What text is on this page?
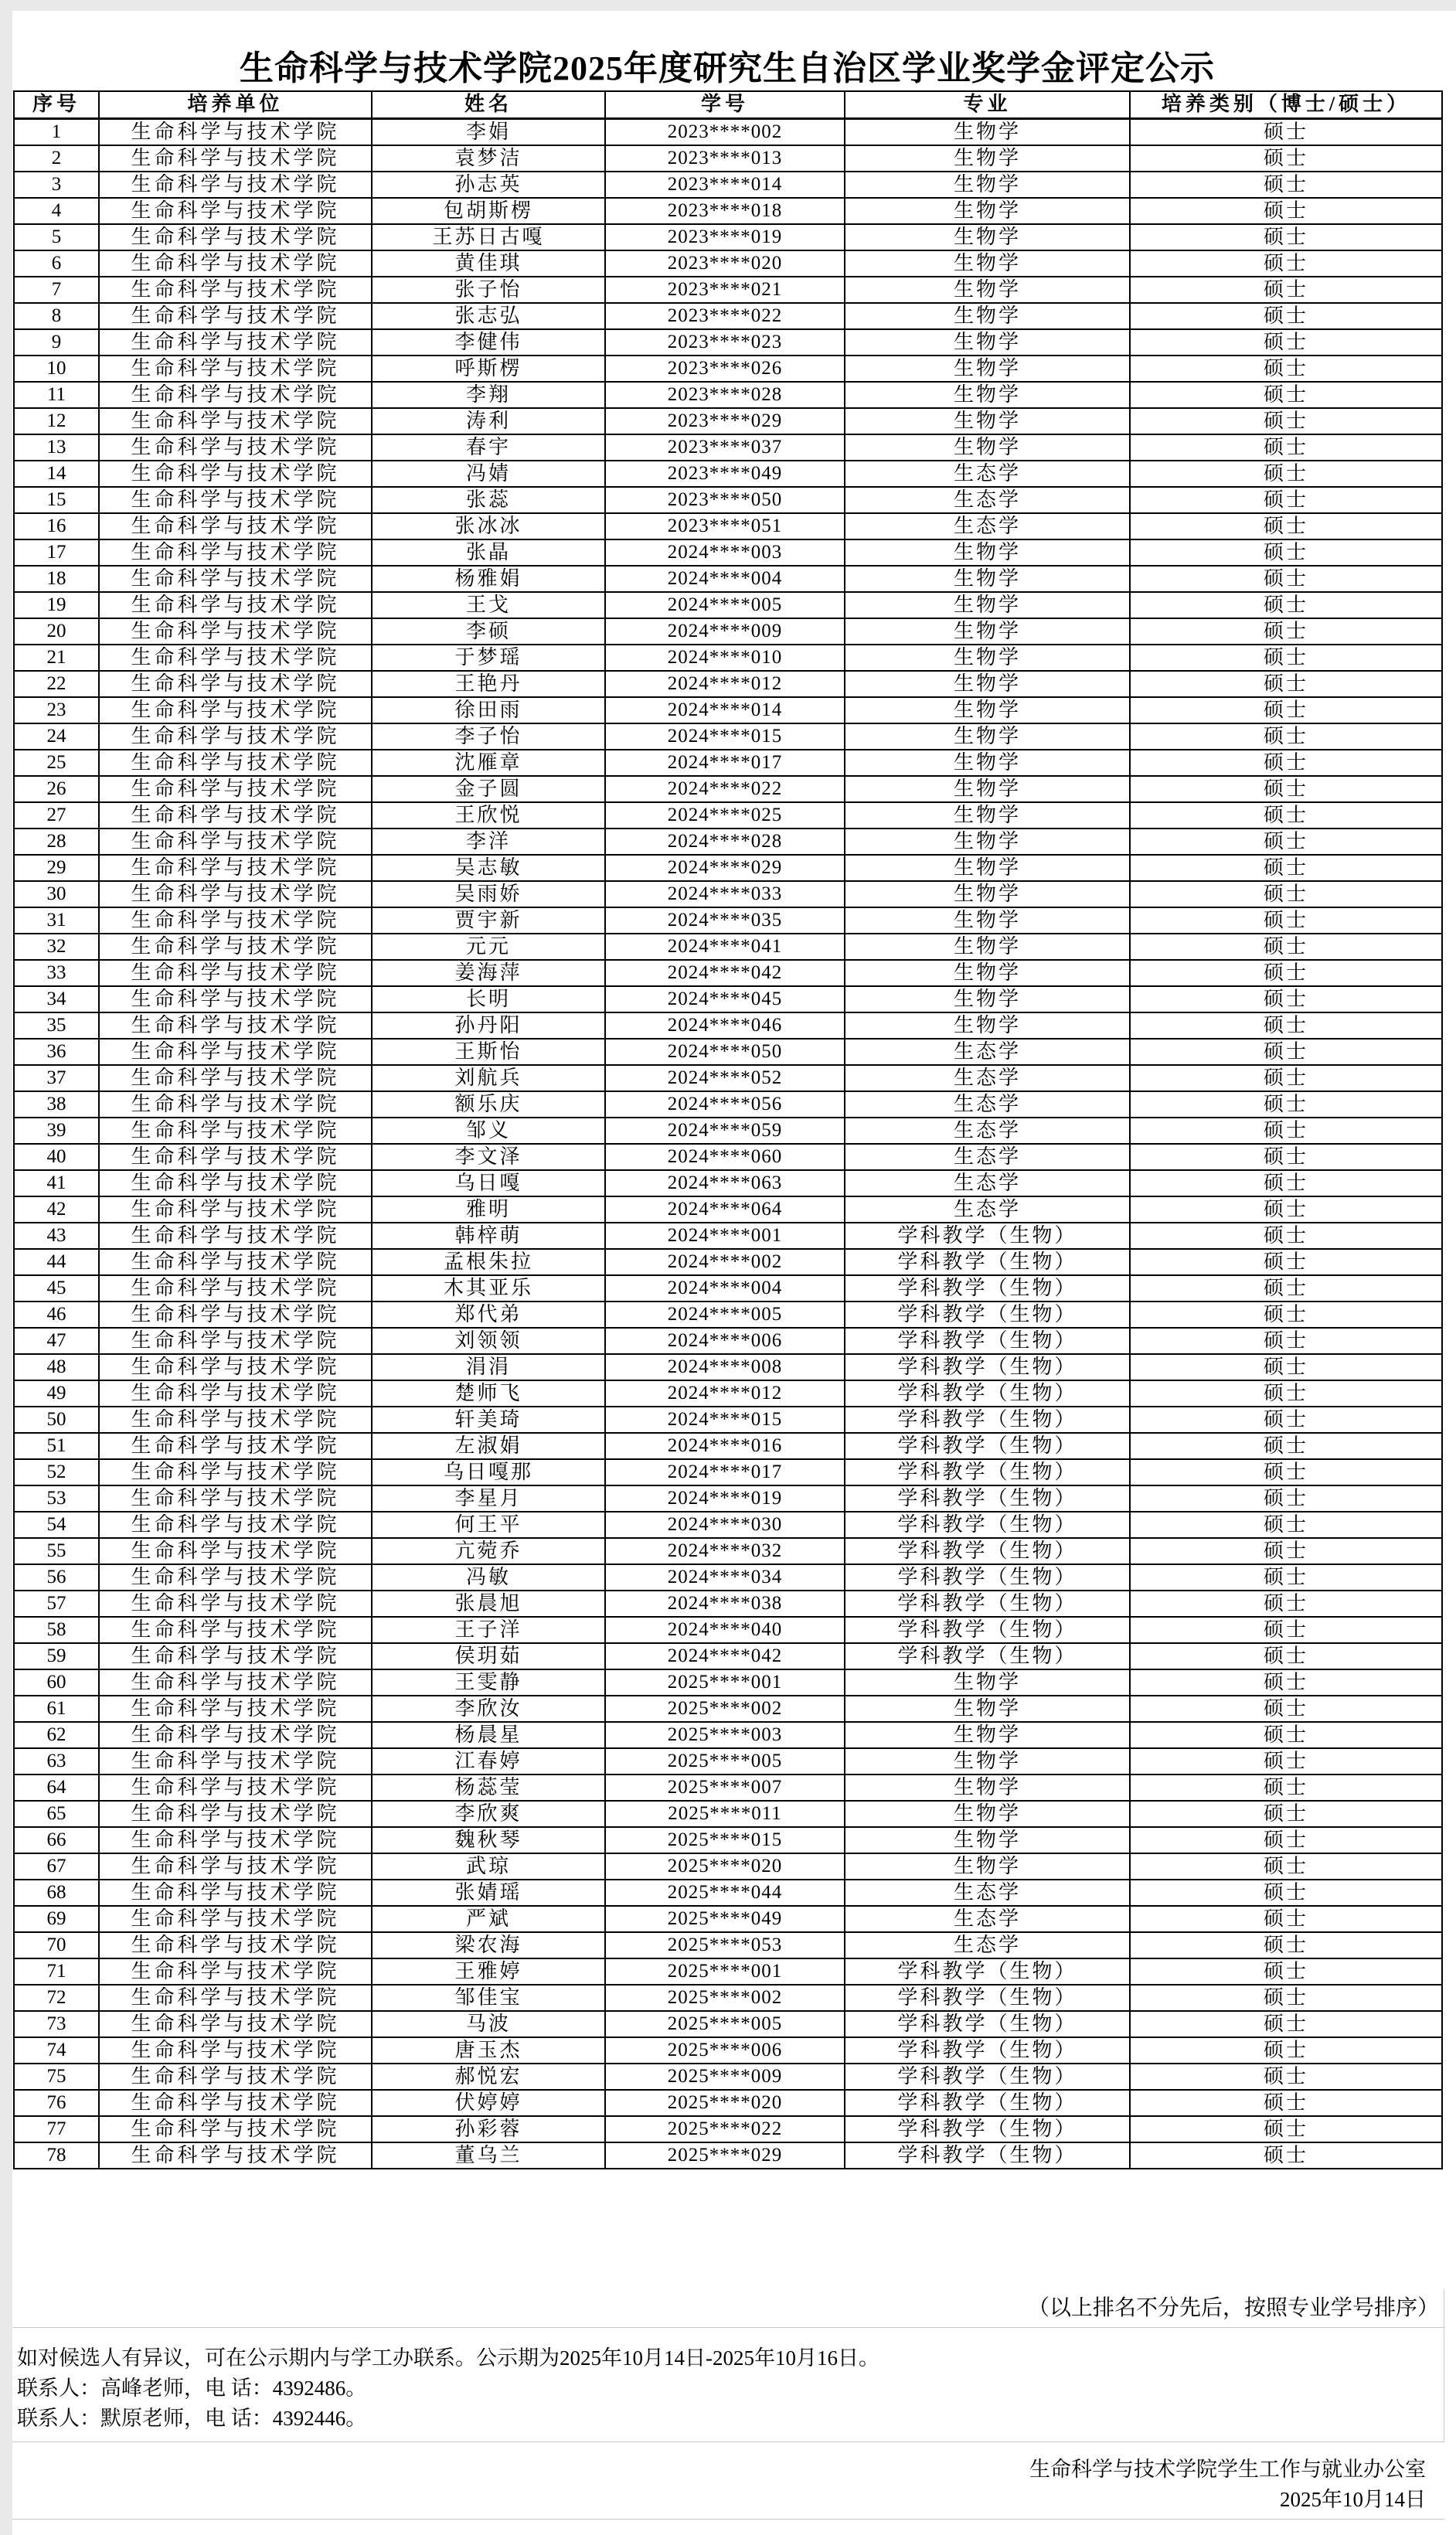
生命科学与技术学院2025年度研究生自治区学业奖学金评定公示
序号	培养单位	姓名	学号	专业	培养类别（博士/硕士）
1	生命科学与技术学院	李娟	2023****002	生物学	硕士
2	生命科学与技术学院	袁梦洁	2023****013	生物学	硕士
3	生命科学与技术学院	孙志英	2023****014	生物学	硕士
4	生命科学与技术学院	包胡斯楞	2023****018	生物学	硕士
5	生命科学与技术学院	王苏日古嘎	2023****019	生物学	硕士
6	生命科学与技术学院	黄佳琪	2023****020	生物学	硕士
7	生命科学与技术学院	张子怡	2023****021	生物学	硕士
8	生命科学与技术学院	张志弘	2023****022	生物学	硕士
9	生命科学与技术学院	李健伟	2023****023	生物学	硕士
10	生命科学与技术学院	呼斯楞	2023****026	生物学	硕士
11	生命科学与技术学院	李翔	2023****028	生物学	硕士
12	生命科学与技术学院	涛利	2023****029	生物学	硕士
13	生命科学与技术学院	春宇	2023****037	生物学	硕士
14	生命科学与技术学院	冯婧	2023****049	生态学	硕士
15	生命科学与技术学院	张蕊	2023****050	生态学	硕士
16	生命科学与技术学院	张冰冰	2023****051	生态学	硕士
17	生命科学与技术学院	张晶	2024****003	生物学	硕士
18	生命科学与技术学院	杨雅娟	2024****004	生物学	硕士
19	生命科学与技术学院	王戈	2024****005	生物学	硕士
20	生命科学与技术学院	李硕	2024****009	生物学	硕士
21	生命科学与技术学院	于梦瑶	2024****010	生物学	硕士
22	生命科学与技术学院	王艳丹	2024****012	生物学	硕士
23	生命科学与技术学院	徐田雨	2024****014	生物学	硕士
24	生命科学与技术学院	李子怡	2024****015	生物学	硕士
25	生命科学与技术学院	沈雁章	2024****017	生物学	硕士
26	生命科学与技术学院	金子圆	2024****022	生物学	硕士
27	生命科学与技术学院	王欣悦	2024****025	生物学	硕士
28	生命科学与技术学院	李洋	2024****028	生物学	硕士
29	生命科学与技术学院	吴志敏	2024****029	生物学	硕士
30	生命科学与技术学院	吴雨娇	2024****033	生物学	硕士
31	生命科学与技术学院	贾宇新	2024****035	生物学	硕士
32	生命科学与技术学院	元元	2024****041	生物学	硕士
33	生命科学与技术学院	姜海萍	2024****042	生物学	硕士
34	生命科学与技术学院	长明	2024****045	生物学	硕士
35	生命科学与技术学院	孙丹阳	2024****046	生物学	硕士
36	生命科学与技术学院	王斯怡	2024****050	生态学	硕士
37	生命科学与技术学院	刘航兵	2024****052	生态学	硕士
38	生命科学与技术学院	额乐庆	2024****056	生态学	硕士
39	生命科学与技术学院	邹义	2024****059	生态学	硕士
40	生命科学与技术学院	李文泽	2024****060	生态学	硕士
41	生命科学与技术学院	乌日嘎	2024****063	生态学	硕士
42	生命科学与技术学院	雅明	2024****064	生态学	硕士
43	生命科学与技术学院	韩梓萌	2024****001	学科教学（生物）	硕士
44	生命科学与技术学院	孟根朱拉	2024****002	学科教学（生物）	硕士
45	生命科学与技术学院	木其亚乐	2024****004	学科教学（生物）	硕士
46	生命科学与技术学院	郑代弟	2024****005	学科教学（生物）	硕士
47	生命科学与技术学院	刘领领	2024****006	学科教学（生物）	硕士
48	生命科学与技术学院	涓涓	2024****008	学科教学（生物）	硕士
49	生命科学与技术学院	楚师飞	2024****012	学科教学（生物）	硕士
50	生命科学与技术学院	轩美琦	2024****015	学科教学（生物）	硕士
51	生命科学与技术学院	左淑娟	2024****016	学科教学（生物）	硕士
52	生命科学与技术学院	乌日嘎那	2024****017	学科教学（生物）	硕士
53	生命科学与技术学院	李星月	2024****019	学科教学（生物）	硕士
54	生命科学与技术学院	何王平	2024****030	学科教学（生物）	硕士
55	生命科学与技术学院	亢菀乔	2024****032	学科教学（生物）	硕士
56	生命科学与技术学院	冯敏	2024****034	学科教学（生物）	硕士
57	生命科学与技术学院	张晨旭	2024****038	学科教学（生物）	硕士
58	生命科学与技术学院	王子洋	2024****040	学科教学（生物）	硕士
59	生命科学与技术学院	侯玥茹	2024****042	学科教学（生物）	硕士
60	生命科学与技术学院	王雯静	2025****001	生物学	硕士
61	生命科学与技术学院	李欣汝	2025****002	生物学	硕士
62	生命科学与技术学院	杨晨星	2025****003	生物学	硕士
63	生命科学与技术学院	江春婷	2025****005	生物学	硕士
64	生命科学与技术学院	杨蕊莹	2025****007	生物学	硕士
65	生命科学与技术学院	李欣爽	2025****011	生物学	硕士
66	生命科学与技术学院	魏秋琴	2025****015	生物学	硕士
67	生命科学与技术学院	武琼	2025****020	生物学	硕士
68	生命科学与技术学院	张婧瑶	2025****044	生态学	硕士
69	生命科学与技术学院	严斌	2025****049	生态学	硕士
70	生命科学与技术学院	梁农海	2025****053	生态学	硕士
71	生命科学与技术学院	王雅婷	2025****001	学科教学（生物）	硕士
72	生命科学与技术学院	邹佳宝	2025****002	学科教学（生物）	硕士
73	生命科学与技术学院	马波	2025****005	学科教学（生物）	硕士
74	生命科学与技术学院	唐玉杰	2025****006	学科教学（生物）	硕士
75	生命科学与技术学院	郝悦宏	2025****009	学科教学（生物）	硕士
76	生命科学与技术学院	伏婷婷	2025****020	学科教学（生物）	硕士
77	生命科学与技术学院	孙彩蓉	2025****022	学科教学（生物）	硕士
78	生命科学与技术学院	董乌兰	2025****029	学科教学（生物）	硕士
（以上排名不分先后，按照专业学号排序）

如对候选人有异议，可在公示期内与学工办联系。公示期为2025年10月14日-2025年10月16日。

联系人：高峰老师，电 话：4392486。

联系人：默原老师，电 话：4392446。

生命科学与技术学院学生工作与就业办公室

2025年10月14日
